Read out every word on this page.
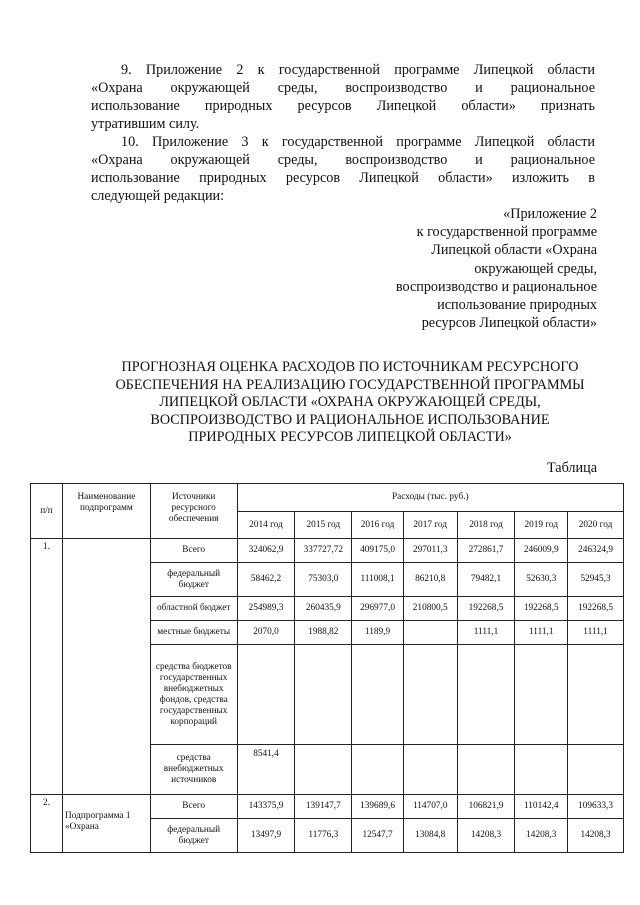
9. Приложение 2 к государственной программе Липецкой области
«Охрана окружающей среды, воспроизводство и рациональное
использование природных ресурсов Липецкой области» признать
утратившим силу.

10. Приложение 3 к государственной программе Липецкой области
«Охрана окружающей среды, воспроизводство и рациональное
использование природных ресурсов Липецкой области» изложить в
следующей редакции:

«Приложение 2
к государственной программе
Липецкой области «Охрана
окружающей среды,
воспроизводство и рациональное
использование природных
ресурсов Липецкой области»

ПРОГНОЗНАЯ ОЦЕНКА РАСХОДОВ ПО ИСТОЧНИКАМ РЕСУРСНОГО
ОБЕСПЕЧЕНИЯ НА РЕАЛИЗАЦИЮ ГОСУДАРСТВЕННОЙ ПРОГРАММЫ
ЛИПЕЦКОЙ ОБЛАСТИ «ОХРАНА ОКРУЖАЮЩЕЙ СРЕДЫ,
ВОСПРОИЗВОДСТВО И РАЦИОНАЛЬНОЕ ИСПОЛЬЗОВАНИЕ
ПРИРОДНЫХ РЕСУРСОВ ЛИПЕЦКОЙ ОБЛАСТИ»

Таблица

п/п	Наименование подпрограмм	Источники ресурсного обеспечения	Расходы (тыс. руб.)						
			2014 год	2015 год	2016 год	2017 год	2018 год	2019 год	2020 год
1.		Всего	324062,9	337727,72	409175,0	297011,3	272861,7	246009,9	246324,9
		федеральный бюджет	58462,2	75303,0	111008,1	86210,8	79482,1	52630,3	52945,3
		областной бюджет	254989,3	260435,9	296977,0	210800,5	192268,5	192268,5	192268,5
		местные бюджеты	2070,0	1988,82	1189,9		1111,1	1111,1	1111,1
		средства бюджетов государственных внебюджетных фондов, средства государственных корпораций							
		средства внебюджетных источников	8541,4						
2.	Подпрограмма 1 «Охрана	Всего	143375,9	139147,7	139689,6	114707,0	106821,9	110142,4	109633,3
		федеральный бюджет	13497,9	11776,3	12547,7	13084,8	14208,3	14208,3	14208,3
